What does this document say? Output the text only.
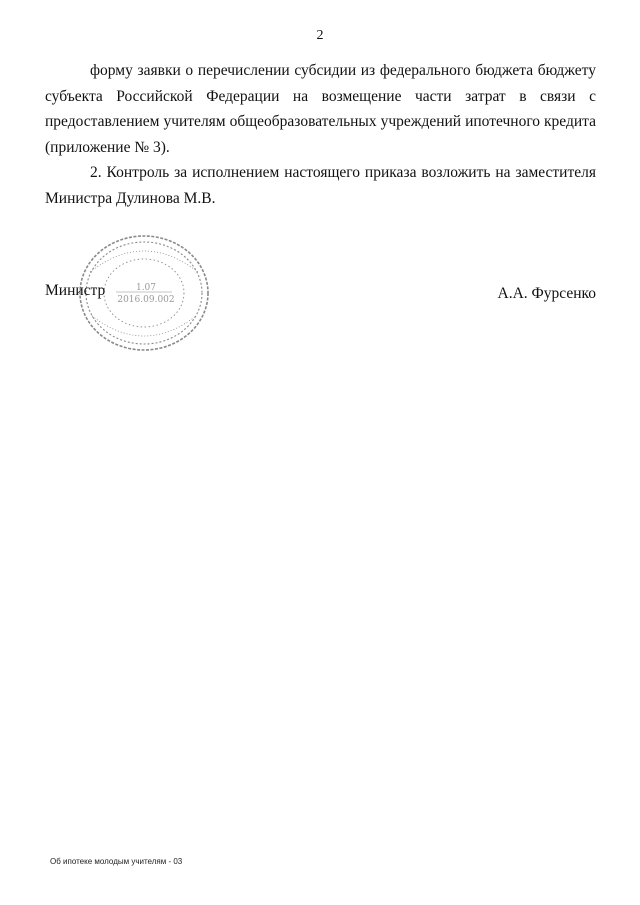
2

форму заявки о перечислении субсидии из федерального бюджета бюджету субъекта Российской Федерации на возмещение части затрат в связи с предоставлением учителям общеобразовательных учреждений ипотечного кредита (приложение № 3).

2. Контроль за исполнением настоящего приказа возложить на заместителя Министра Дулинова М.В.

1.07
2016.09.002
Министр	А.А. Фурсенко
Об ипотеке молодым учителям - 03
